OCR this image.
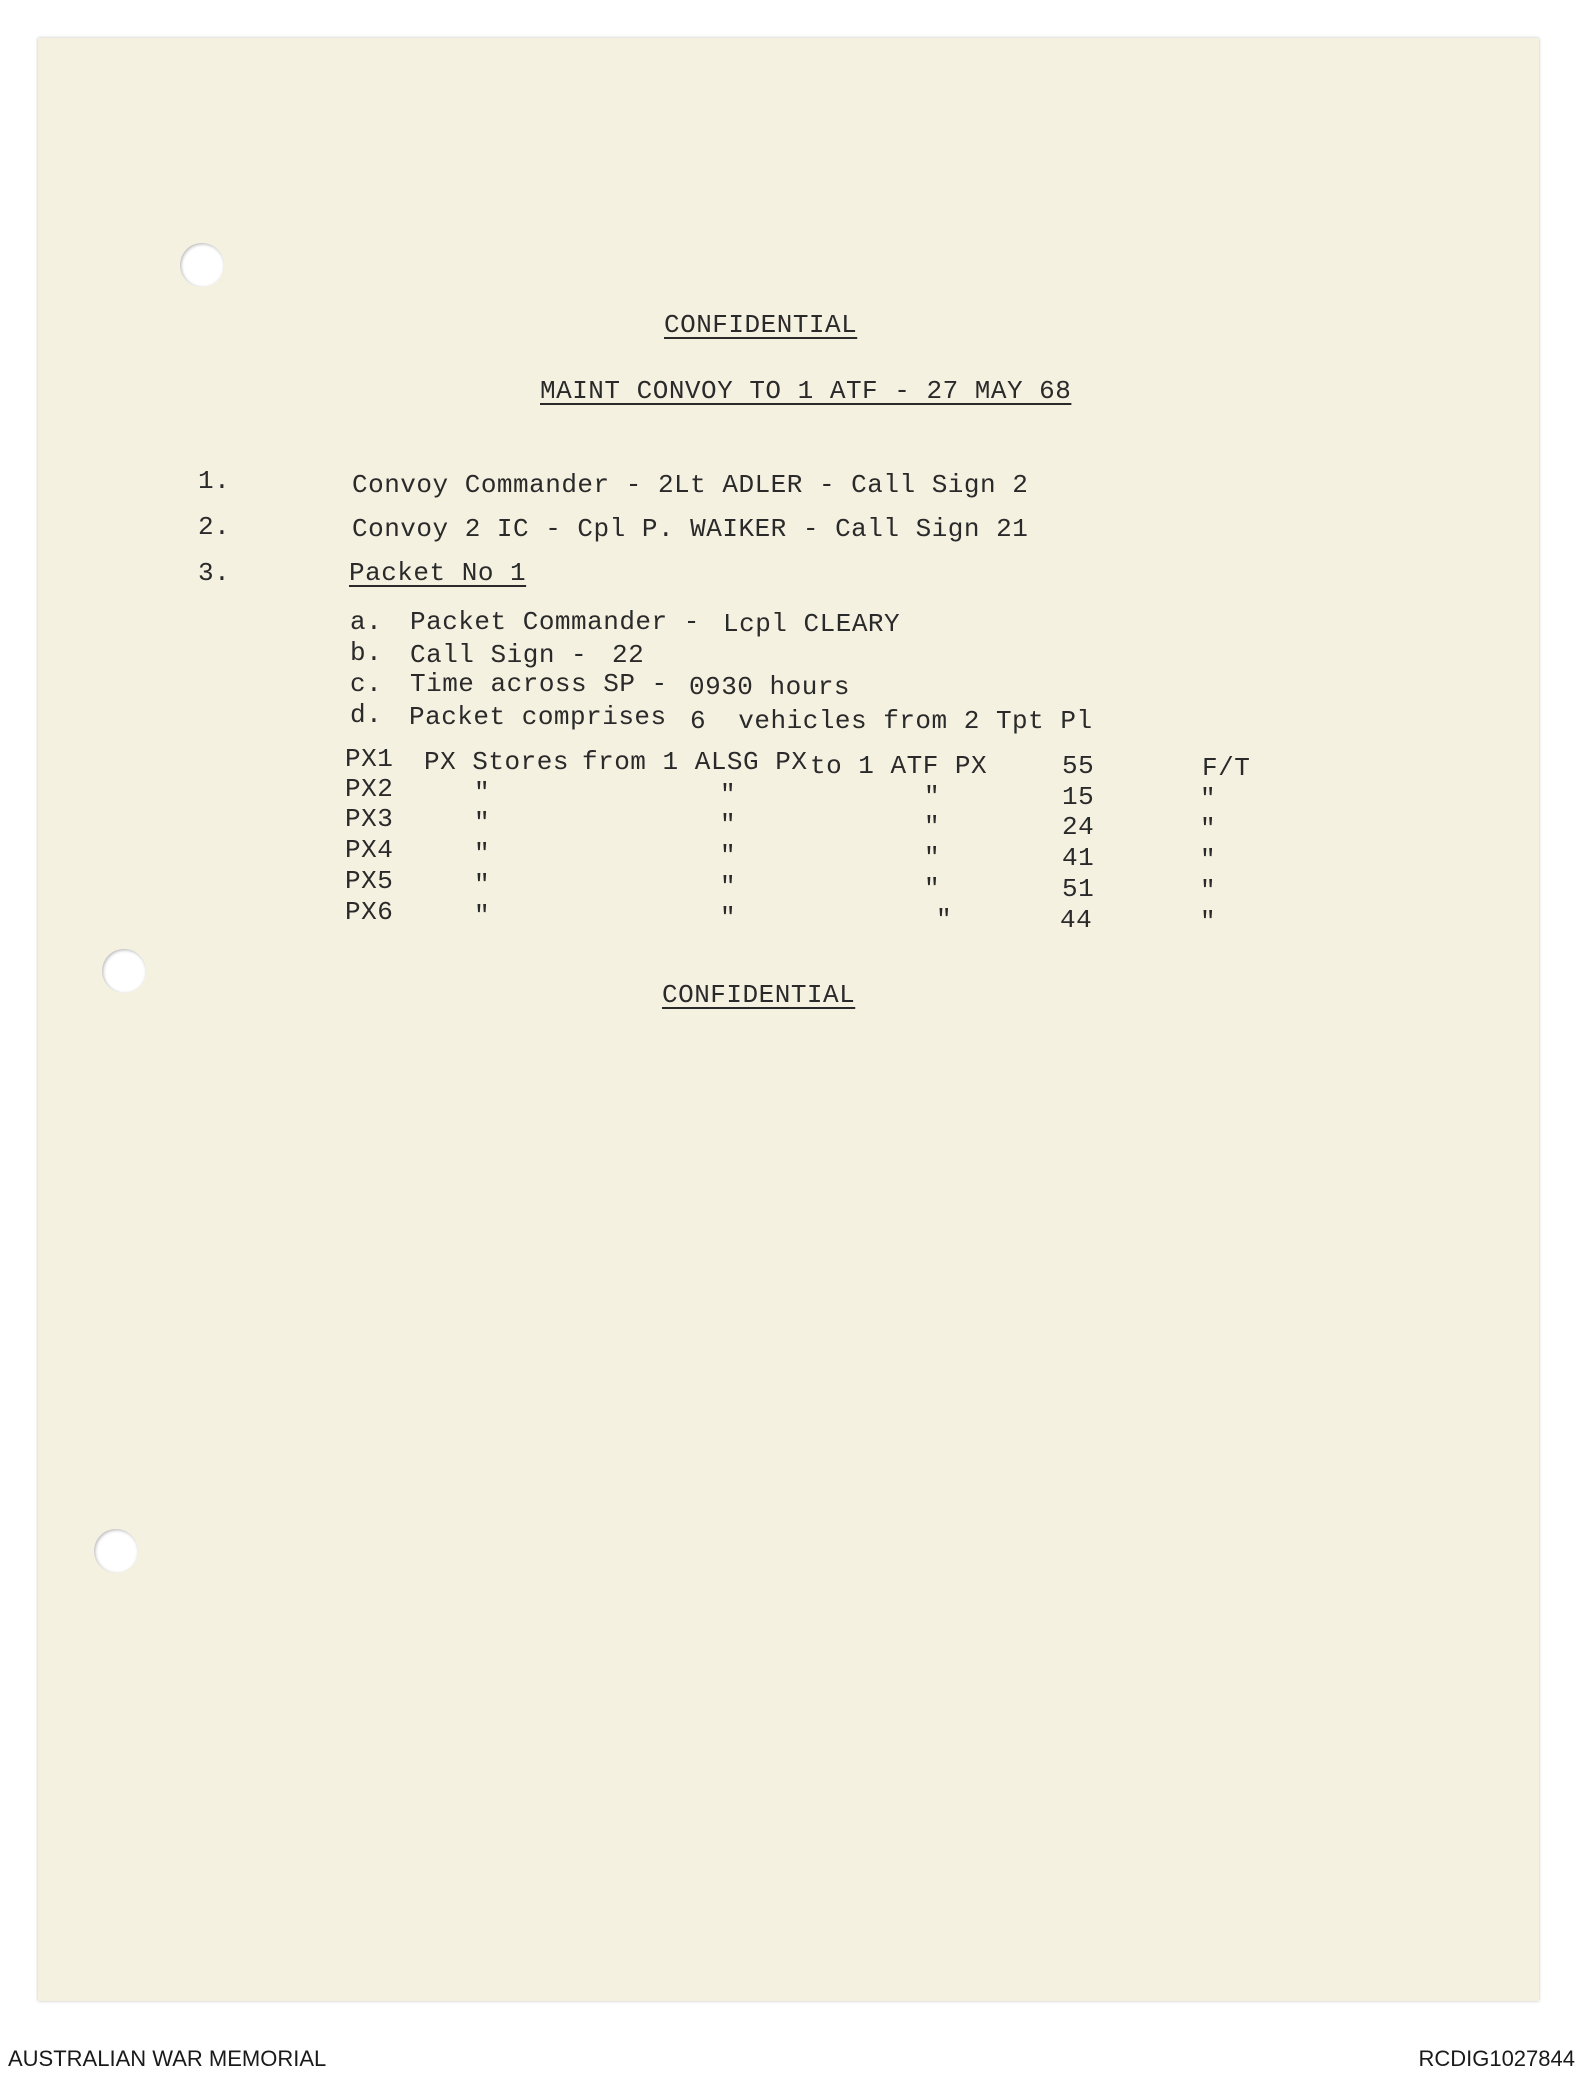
CONFIDENTIAL
MAINT CONVOY TO 1 ATF - 27 MAY 68
1.	Convoy Commander - 2Lt ADLER - Call Sign 2
2.	Convoy 2 IC - Cpl P. WAIKER - Call Sign 21
3.	Packet No 1
a. Packet Commander - Lcpl CLEARY
b. Call Sign - 22
c. Time across SP - 0930 hours
d. Packet comprises 6  vehicles from 2 Tpt Pl
PX1 PX Stores from 1 ALSG PX to 1 ATF PX	55	F/T
PX2	"	"	"	15	"
PX3	"	"	"	24	"
PX4	"	"	"	41	"
PX5	"	"	"	51	"
PX6	"	"	"	44	"
CONFIDENTIAL
AUSTRALIAN WAR MEMORIAL	RCDIG1027844
